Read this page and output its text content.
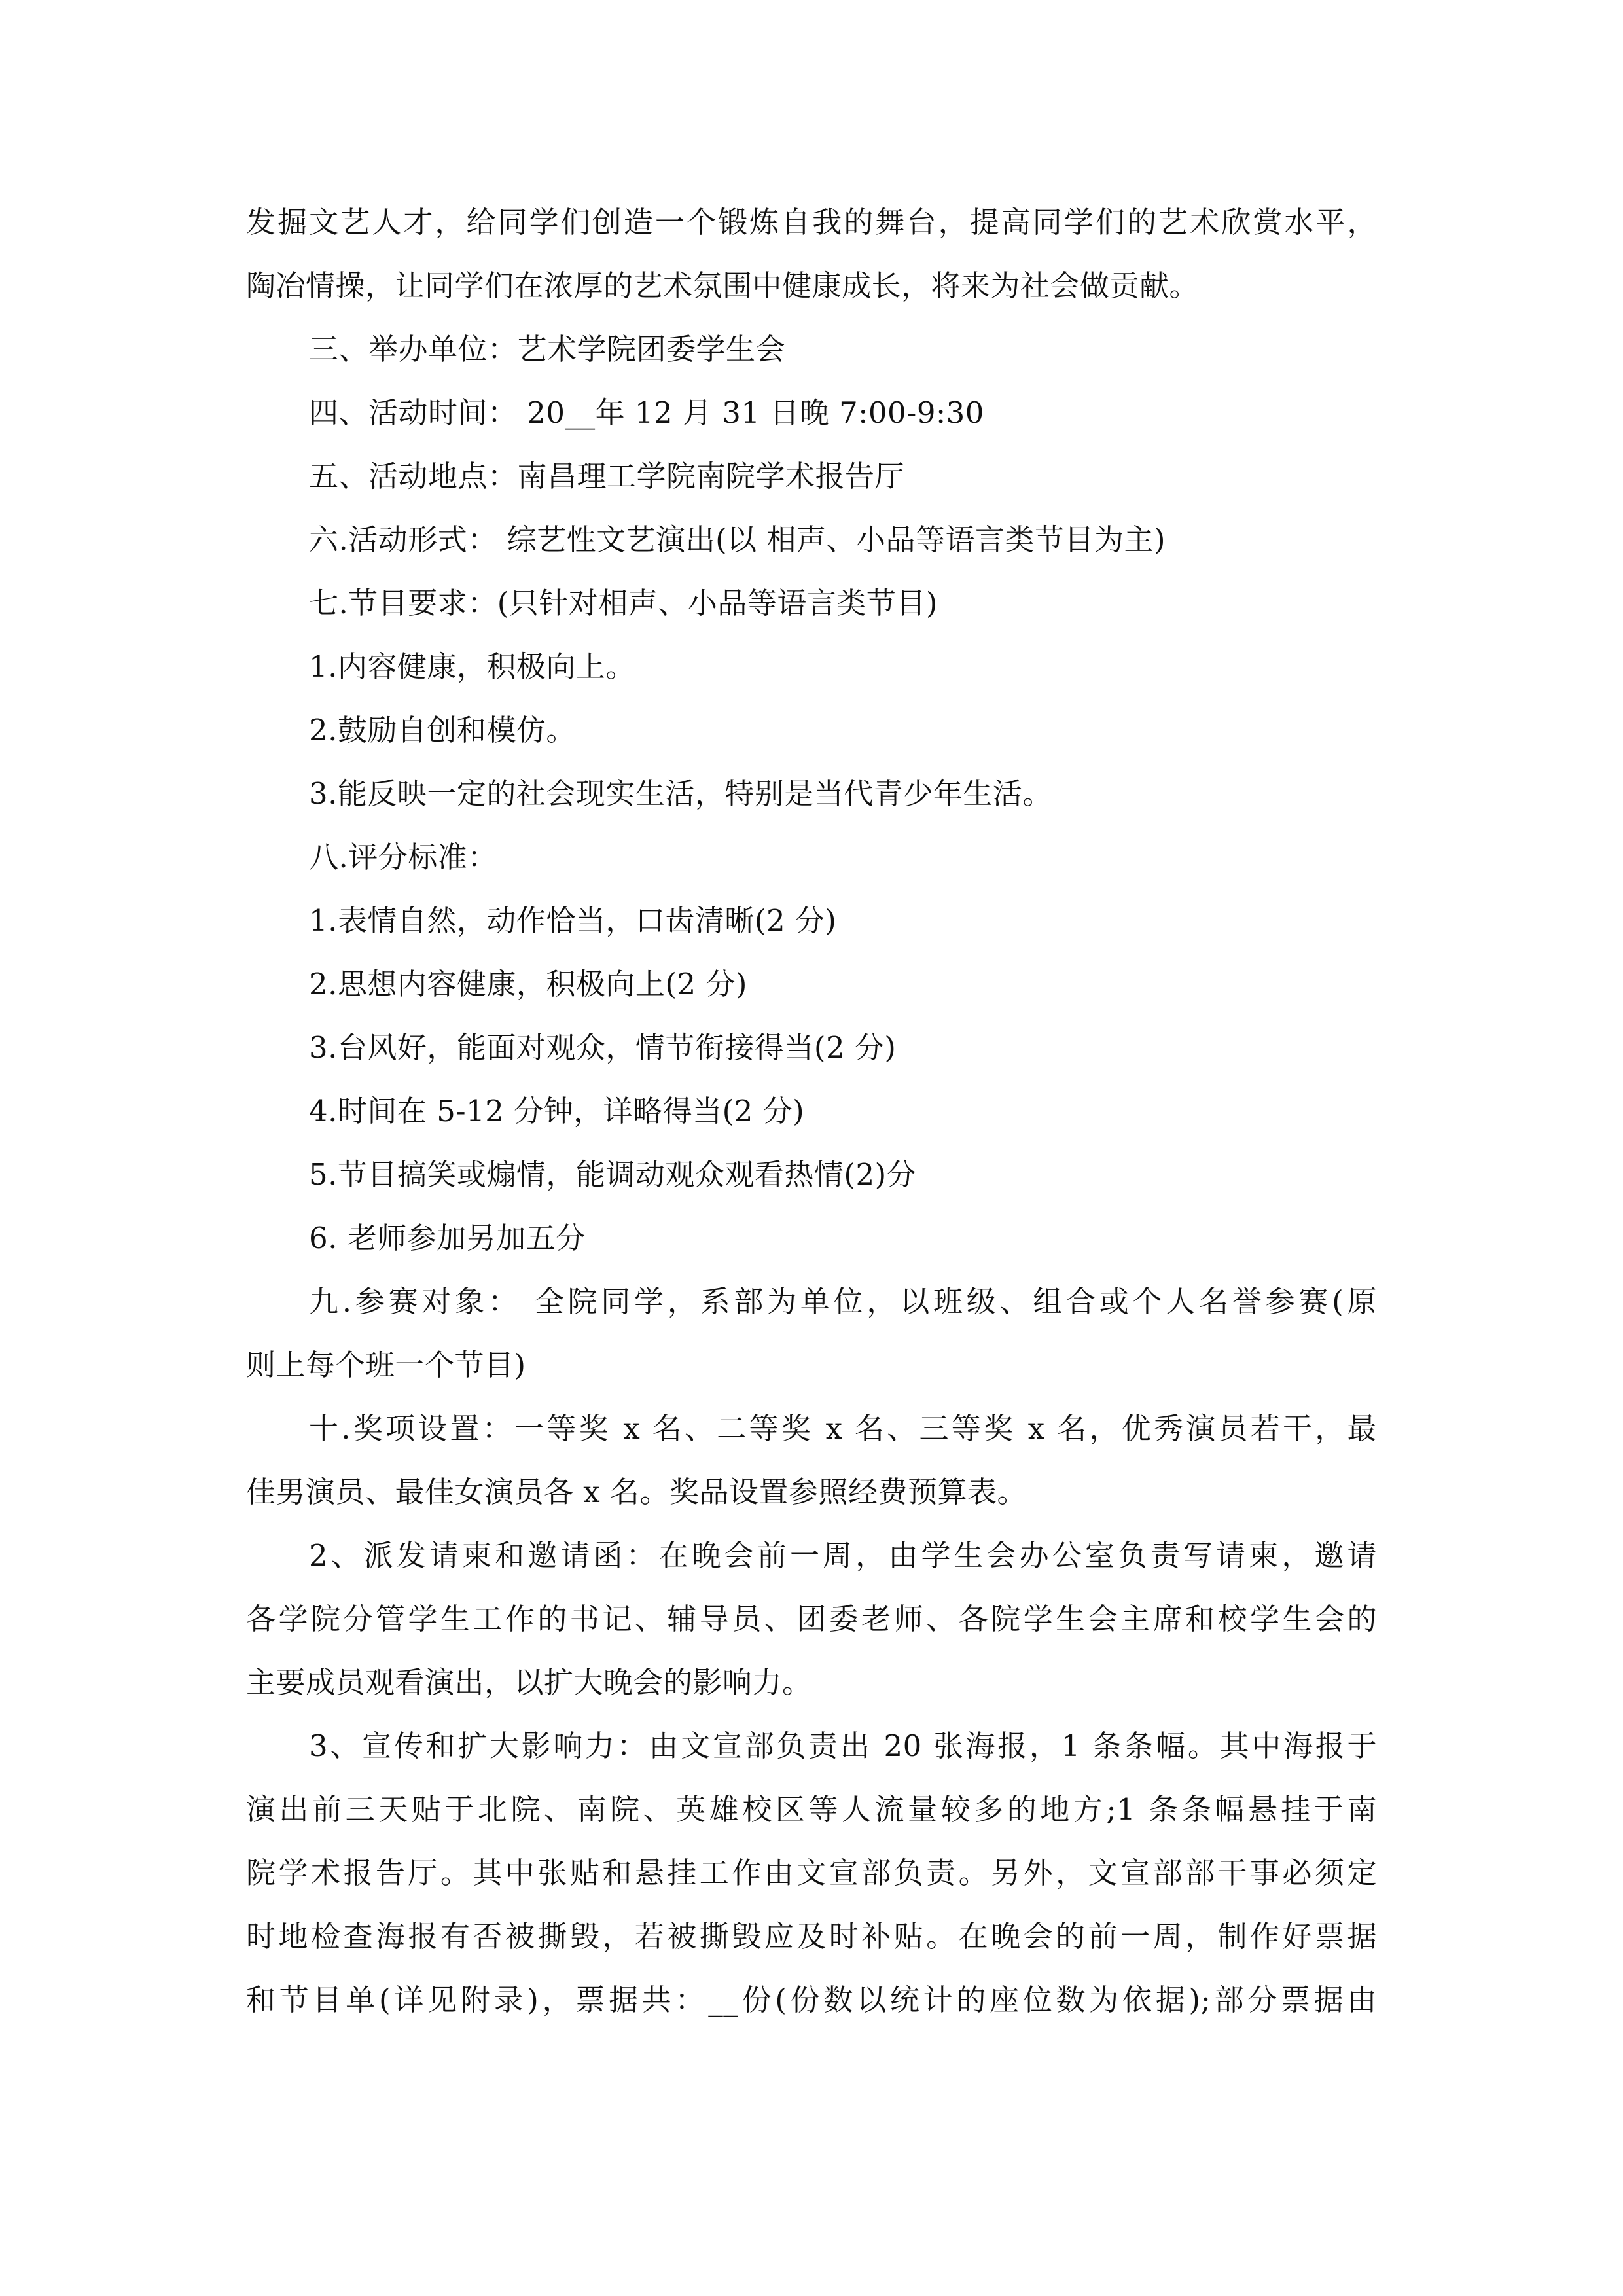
发掘文艺人才，给同学们创造一个锻炼自我的舞台，提高同学们的艺术欣赏水平，
陶冶情操，让同学们在浓厚的艺术氛围中健康成长，将来为社会做贡献。
三、举办单位：艺术学院团委学生会
四、活动时间： 20__年 12 月 31 日晚 7:00-9:30
五、活动地点：南昌理工学院南院学术报告厅
六.活动形式： 综艺性文艺演出(以 相声、小品等语言类节目为主)
七.节目要求：(只针对相声、小品等语言类节目)
1.内容健康，积极向上。
2.鼓励自创和模仿。
3.能反映一定的社会现实生活，特别是当代青少年生活。
八.评分标准：
1.表情自然，动作恰当，口齿清晰(2 分)
2.思想内容健康，积极向上(2 分)
3.台风好，能面对观众，情节衔接得当(2 分)
4.时间在 5-12 分钟，详略得当(2 分)
5.节目搞笑或煽情，能调动观众观看热情(2)分
6. 老师参加另加五分
九.参赛对象： 全院同学，系部为单位，以班级、组合或个人名誉参赛(原
则上每个班一个节目)
十.奖项设置：一等奖 x 名、二等奖 x 名、三等奖 x 名，优秀演员若干，最
佳男演员、最佳女演员各 x 名。奖品设置参照经费预算表。
2、派发请柬和邀请函：在晚会前一周，由学生会办公室负责写请柬，邀请
各学院分管学生工作的书记、辅导员、团委老师、各院学生会主席和校学生会的
主要成员观看演出，以扩大晚会的影响力。
3、宣传和扩大影响力：由文宣部负责出 20 张海报，1 条条幅。其中海报于
演出前三天贴于北院、南院、英雄校区等人流量较多的地方;1 条条幅悬挂于南
院学术报告厅。其中张贴和悬挂工作由文宣部负责。另外，文宣部部干事必须定
时地检查海报有否被撕毁，若被撕毁应及时补贴。在晚会的前一周，制作好票据
和节目单(详见附录)，票据共：__份(份数以统计的座位数为依据);部分票据由
